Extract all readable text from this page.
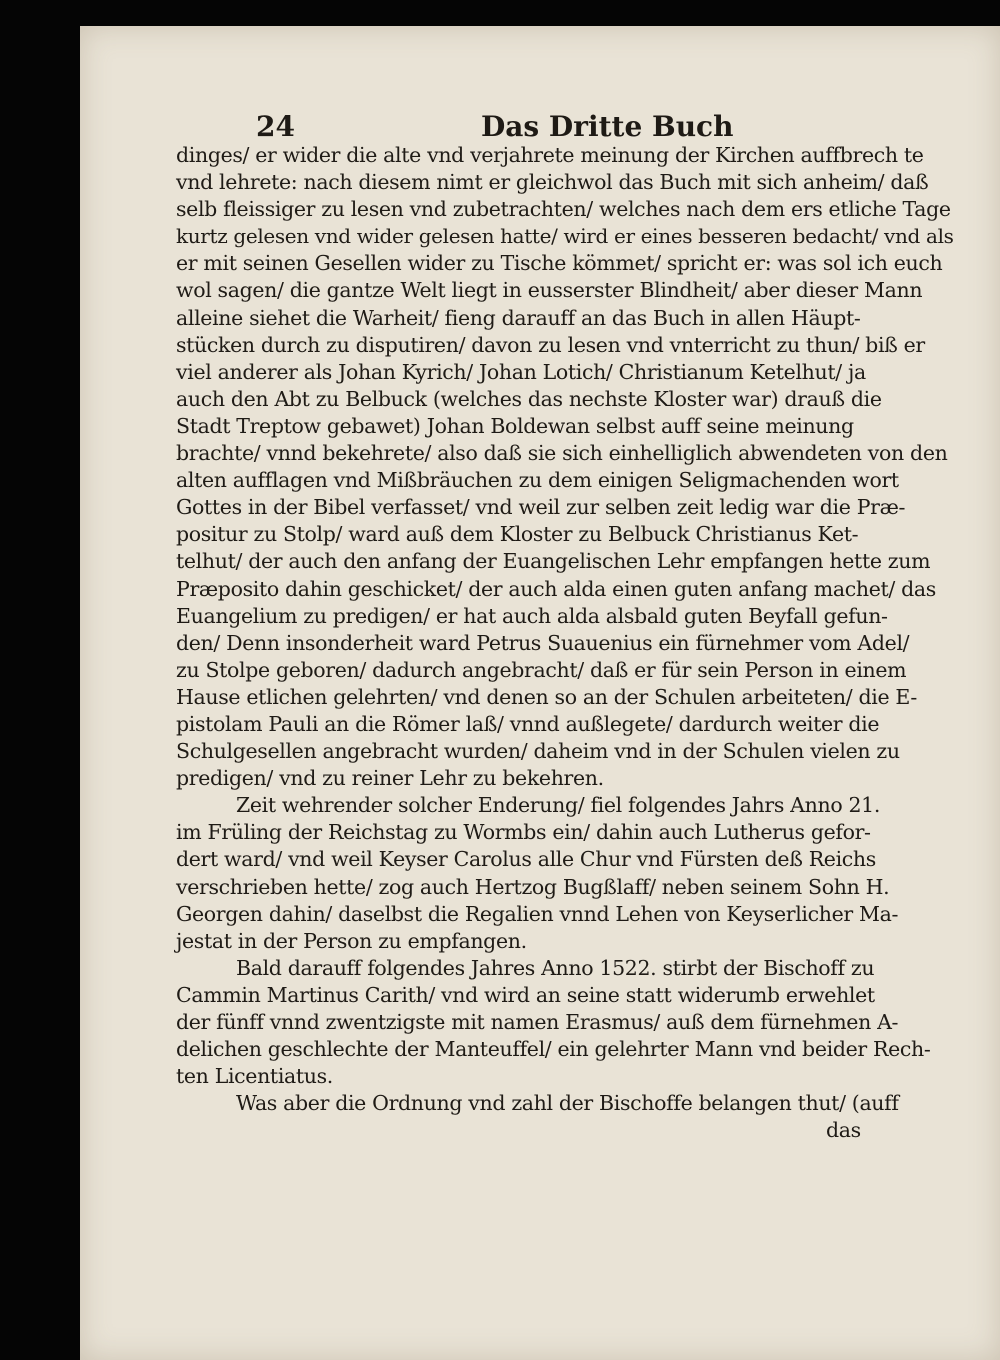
24	Das Dritte Buch
dinges/ er wider die alte vnd verjahrete meinung der Kirchen auffbrech te
vnd lehrete: nach diesem nimt er gleichwol das Buch mit sich anheim/ daß
selb fleissiger zu lesen vnd zubetrachten/ welches nach dem ers etliche Tage
kurtz gelesen vnd wider gelesen hatte/ wird er eines besseren bedacht/ vnd als
er mit seinen Gesellen wider zu Tische kömmet/ spricht er: was sol ich euch
wol sagen/ die gantze Welt liegt in eusserster Blindheit/ aber dieser Mann
alleine siehet die Warheit/ fieng darauff an das Buch in allen Häupt-
stücken durch zu disputiren/ davon zu lesen vnd vnterricht zu thun/ biß er
viel anderer als Johan Kyrich/ Johan Lotich/ Christianum Ketelhut/ ja
auch den Abt zu Belbuck (welches das nechste Kloster war) drauß die
Stadt Treptow gebawet) Johan Boldewan selbst auff seine meinung
brachte/ vnnd bekehrete/ also daß sie sich einhelliglich abwendeten von den
alten aufflagen vnd Mißbräuchen zu dem einigen Seligmachenden wort
Gottes in der Bibel verfasset/ vnd weil zur selben zeit ledig war die Præ-
positur zu Stolp/ ward auß dem Kloster zu Belbuck Christianus Ket-
telhut/ der auch den anfang der Euangelischen Lehr empfangen hette zum
Præposito dahin geschicket/ der auch alda einen guten anfang machet/ das
Euangelium zu predigen/ er hat auch alda alsbald guten Beyfall gefun-
den/ Denn insonderheit ward Petrus Suauenius ein fürnehmer vom Adel/
zu Stolpe geboren/ dadurch angebracht/ daß er für sein Person in einem
Hause etlichen gelehrten/ vnd denen so an der Schulen arbeiteten/ die E-
pistolam Pauli an die Römer laß/ vnnd außlegete/ dardurch weiter die
Schulgesellen angebracht wurden/ daheim vnd in der Schulen vielen zu
predigen/ vnd zu reiner Lehr zu bekehren.
Zeit wehrender solcher Enderung/ fiel folgendes Jahrs Anno 21.
im Früling der Reichstag zu Wormbs ein/ dahin auch Lutherus gefor-
dert ward/ vnd weil Keyser Carolus alle Chur vnd Fürsten deß Reichs
verschrieben hette/ zog auch Hertzog Bugßlaff/ neben seinem Sohn H.
Georgen dahin/ daselbst die Regalien vnnd Lehen von Keyserlicher Ma-
jestat in der Person zu empfangen.
Bald darauff folgendes Jahres Anno 1522. stirbt der Bischoff zu
Cammin Martinus Carith/ vnd wird an seine statt widerumb erwehlet
der fünff vnnd zwentzigste mit namen Erasmus/ auß dem fürnehmen A-
delichen geschlechte der Manteuffel/ ein gelehrter Mann vnd beider Rech-
ten Licentiatus.
Was aber die Ordnung vnd zahl der Bischoffe belangen thut/ (auff
das
